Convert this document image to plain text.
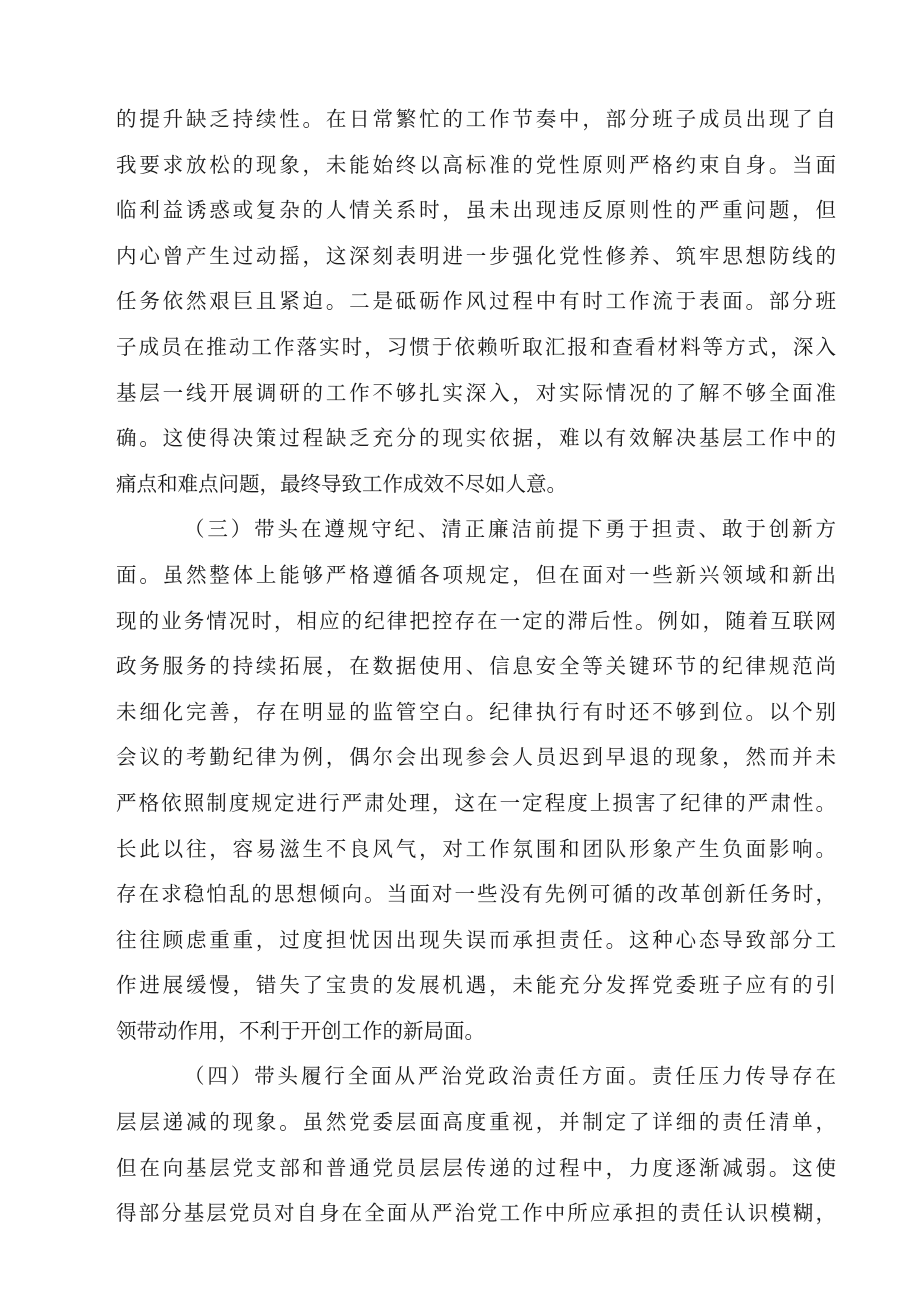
的提升缺乏持续性。在日常繁忙的工作节奏中，部分班子成员出现了自
我要求放松的现象，未能始终以高标准的党性原则严格约束自身。当面
临利益诱惑或复杂的人情关系时，虽未出现违反原则性的严重问题，但
内心曾产生过动摇，这深刻表明进一步强化党性修养、筑牢思想防线的
任务依然艰巨且紧迫。二是砥砺作风过程中有时工作流于表面。部分班
子成员在推动工作落实时，习惯于依赖听取汇报和查看材料等方式，深入
基层一线开展调研的工作不够扎实深入，对实际情况的了解不够全面准
确。这使得决策过程缺乏充分的现实依据，难以有效解决基层工作中的
痛点和难点问题，最终导致工作成效不尽如人意。
（三）带头在遵规守纪、清正廉洁前提下勇于担责、敢于创新方
面。虽然整体上能够严格遵循各项规定，但在面对一些新兴领域和新出
现的业务情况时，相应的纪律把控存在一定的滞后性。例如，随着互联网
政务服务的持续拓展，在数据使用、信息安全等关键环节的纪律规范尚
未细化完善，存在明显的监管空白。纪律执行有时还不够到位。以个别
会议的考勤纪律为例，偶尔会出现参会人员迟到早退的现象，然而并未
严格依照制度规定进行严肃处理，这在一定程度上损害了纪律的严肃性。
长此以往，容易滋生不良风气，对工作氛围和团队形象产生负面影响。
存在求稳怕乱的思想倾向。当面对一些没有先例可循的改革创新任务时，
往往顾虑重重，过度担忧因出现失误而承担责任。这种心态导致部分工
作进展缓慢，错失了宝贵的发展机遇，未能充分发挥党委班子应有的引
领带动作用，不利于开创工作的新局面。
（四）带头履行全面从严治党政治责任方面。责任压力传导存在
层层递减的现象。虽然党委层面高度重视，并制定了详细的责任清单，
但在向基层党支部和普通党员层层传递的过程中，力度逐渐减弱。这使
得部分基层党员对自身在全面从严治党工作中所应承担的责任认识模糊，
